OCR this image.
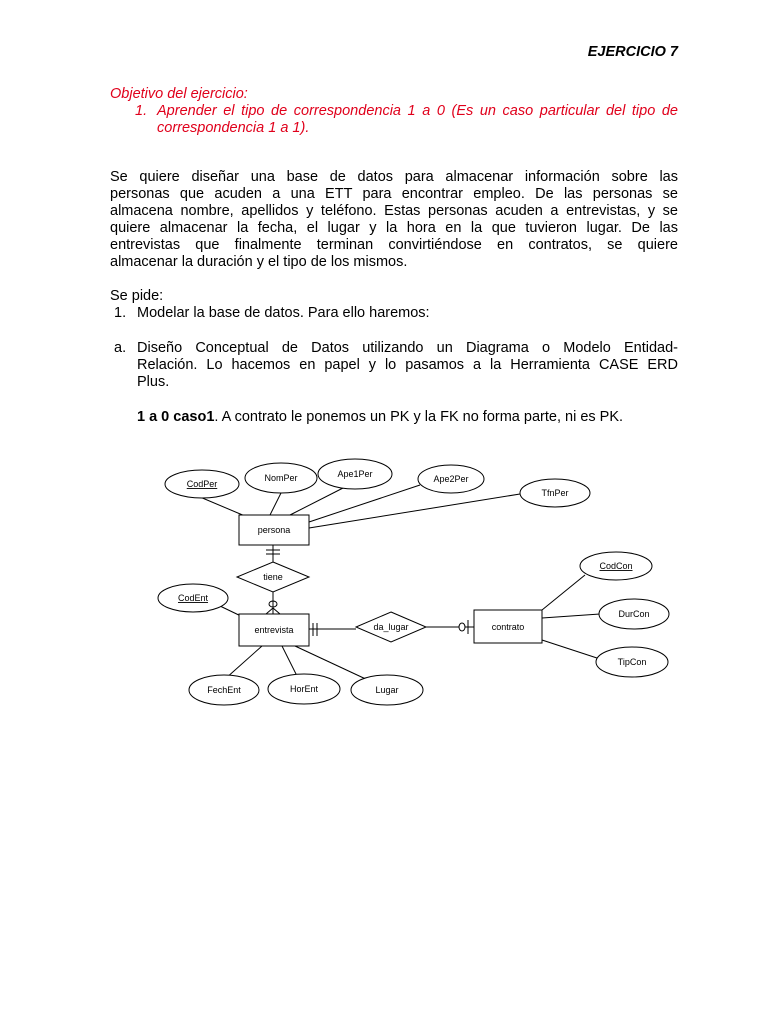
EJERCICIO 7

Objetivo del ejercicio:

1. Aprender el tipo de correspondencia 1 a 0 (Es un caso particular del tipo de

correspondencia 1 a 1).

Se quiere diseñar una base de datos para almacenar información sobre las
personas que acuden a una ETT para encontrar empleo. De las personas se
almacena nombre, apellidos y teléfono. Estas personas acuden a entrevistas, y se
quiere almacenar la fecha, el lugar y la hora en la que tuvieron lugar. De las
entrevistas que finalmente terminan convirtiéndose en contratos, se quiere
almacenar la duración y el tipo de los mismos.

Se pide:

1. Modelar la base de datos. Para ello haremos:

a. Diseño Conceptual de Datos utilizando un Diagrama o Modelo Entidad-
Relación. Lo hacemos en papel y lo pasamos a la Herramienta CASE ERD
Plus.

1 a 0 caso1. A contrato le ponemos un PK y la FK no forma parte, ni es PK.

CodPer
NomPer	Ape1Per	Ape2Per
TfnPer
persona
tiene
CodEnt
entrevista	da_lugar	contrato
FechEnt	HorEnt	Lugar
CodCon
DurCon
TipCon
